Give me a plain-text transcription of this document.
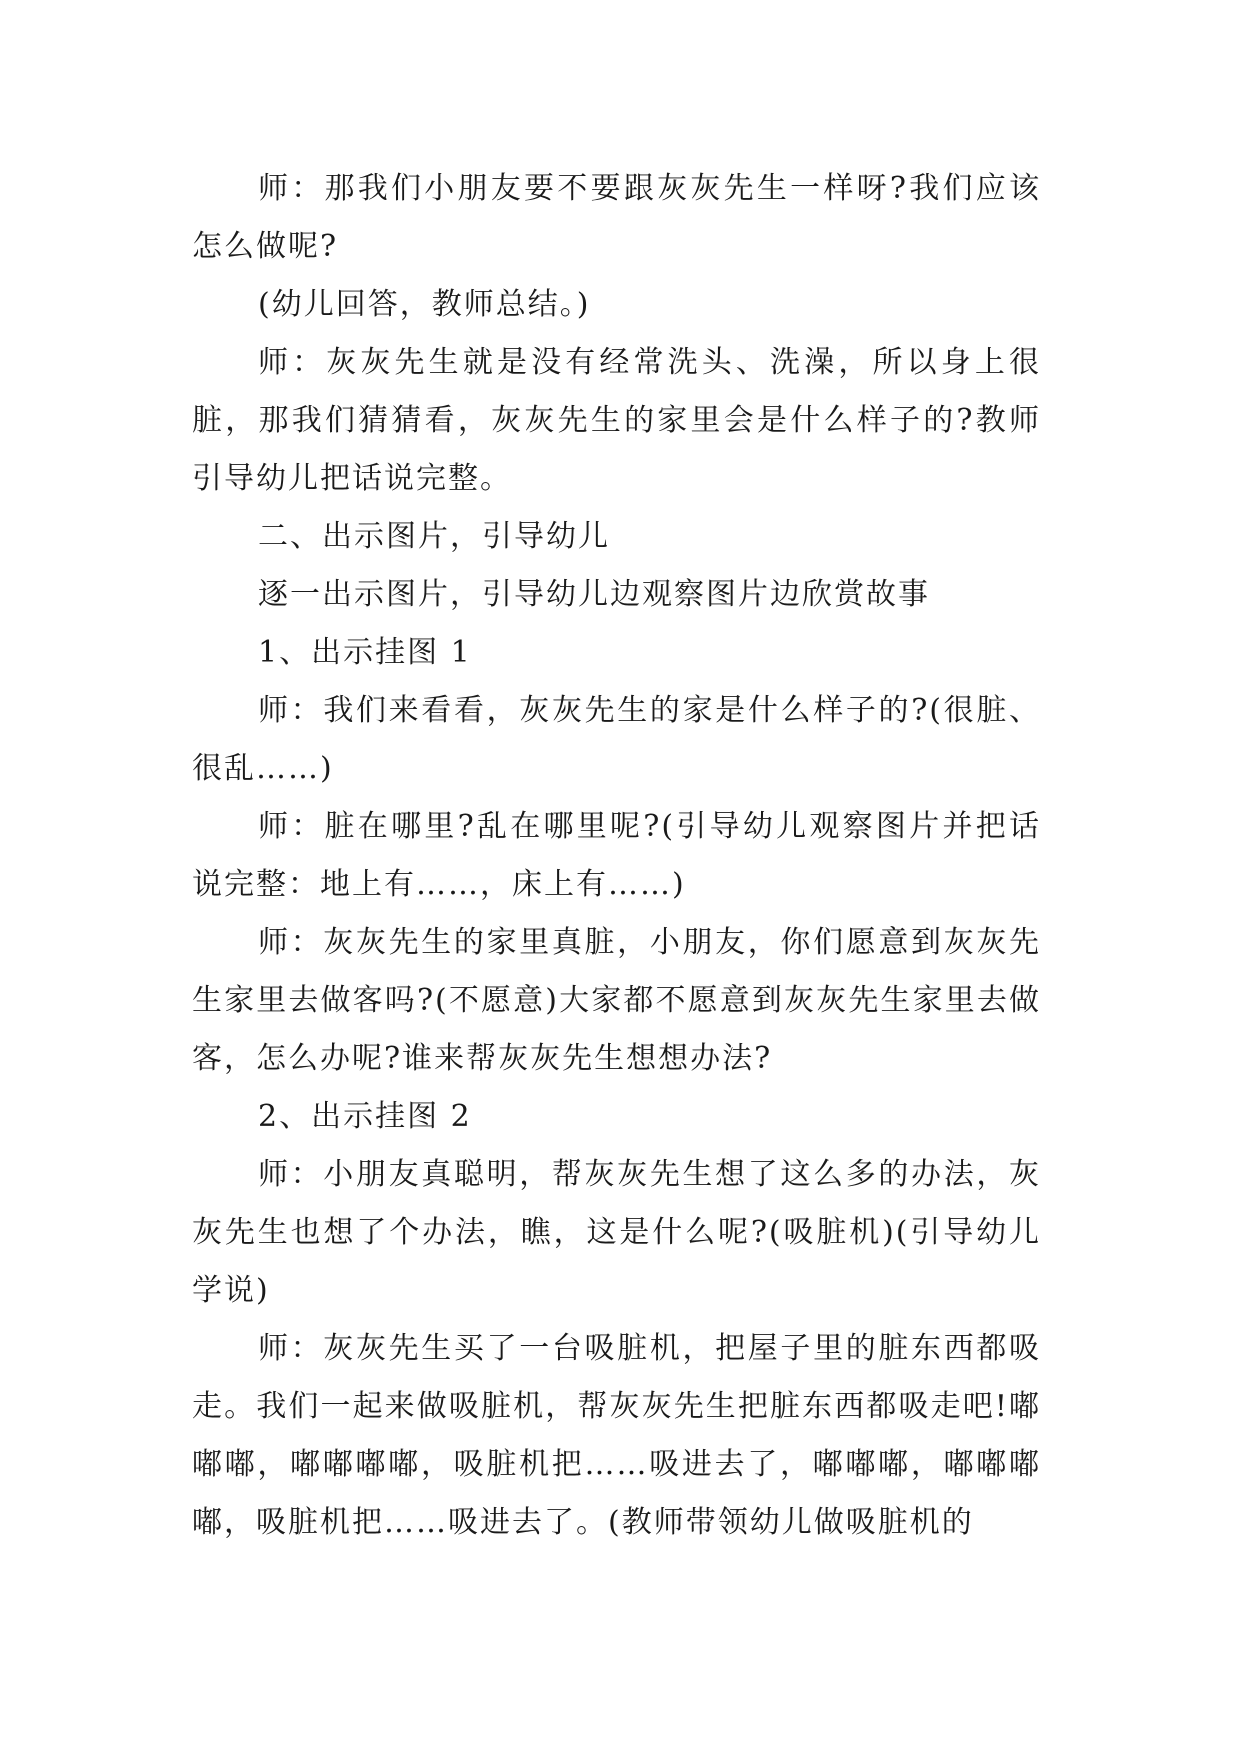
师：那我们小朋友要不要跟灰灰先生一样呀?我们应该怎么做呢?

(幼儿回答，教师总结。)

师：灰灰先生就是没有经常洗头、洗澡，所以身上很脏，那我们猜猜看，灰灰先生的家里会是什么样子的?教师引导幼儿把话说完整。

二、出示图片，引导幼儿

逐一出示图片，引导幼儿边观察图片边欣赏故事

1、出示挂图 1

师：我们来看看，灰灰先生的家是什么样子的?(很脏、很乱……)

师：脏在哪里?乱在哪里呢?(引导幼儿观察图片并把话说完整：地上有……，床上有……)

师：灰灰先生的家里真脏，小朋友，你们愿意到灰灰先生家里去做客吗?(不愿意)大家都不愿意到灰灰先生家里去做客，怎么办呢?谁来帮灰灰先生想想办法?

2、出示挂图 2

师：小朋友真聪明，帮灰灰先生想了这么多的办法，灰灰先生也想了个办法，瞧，这是什么呢?(吸脏机)(引导幼儿学说)

师：灰灰先生买了一台吸脏机，把屋子里的脏东西都吸走。我们一起来做吸脏机，帮灰灰先生把脏东西都吸走吧!嘟嘟嘟，嘟嘟嘟嘟，吸脏机把……吸进去了，嘟嘟嘟，嘟嘟嘟嘟，吸脏机把……吸进去了。(教师带领幼儿做吸脏机的
